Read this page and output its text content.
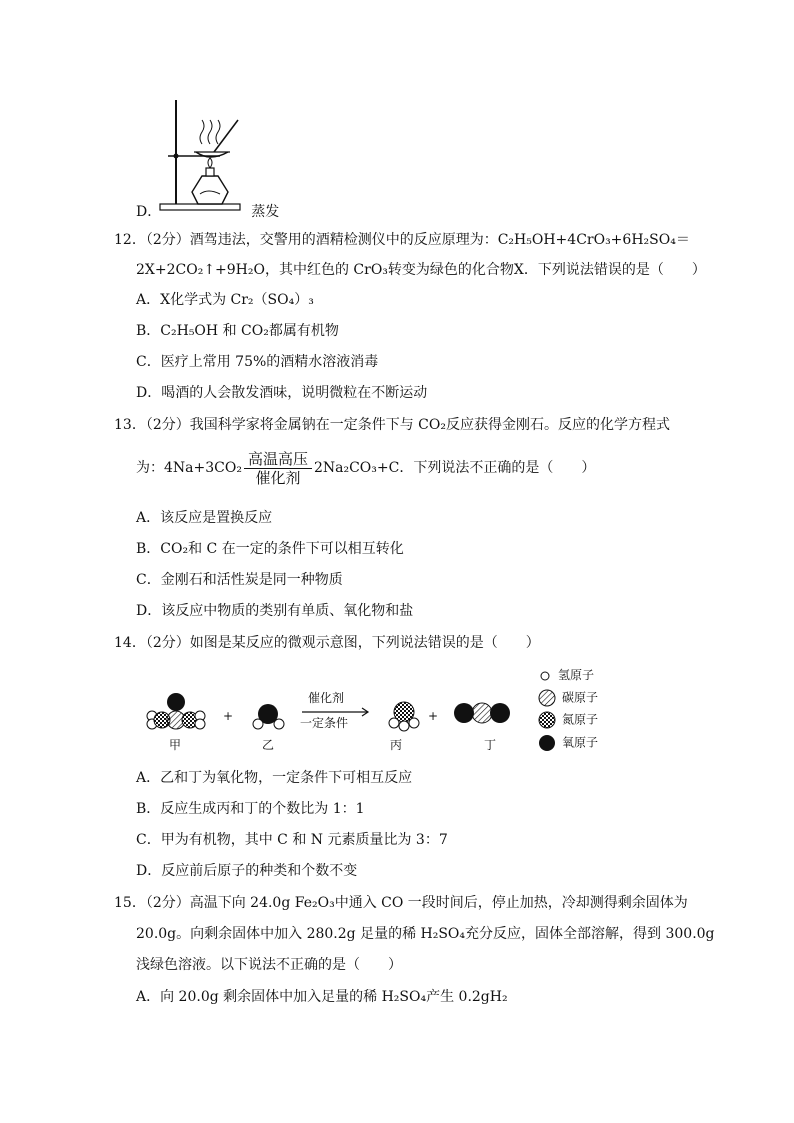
D．	蒸发
12．（2分）酒驾违法，交警用的酒精检测仪中的反应原理为：C₂H₅OH+4CrO₃+6H₂SO₄＝
2X+2CO₂↑+9H₂O，其中红色的 CrO₃转变为绿色的化合物X．下列说法错误的是（　　）
A．X化学式为 Cr₂（SO₄）₃
B．C₂H₅OH 和 CO₂都属有机物
C．医疗上常用 75%的酒精水溶液消毒
D．喝酒的人会散发酒味，说明微粒在不断运动
13．（2分）我国科学家将金属钠在一定条件下与 CO₂反应获得金刚石。反应的化学方程式
为：4Na+3CO₂
高温高压
催化剂
2Na₂CO₃+C．下列说法不正确的是（　　）
A．该反应是置换反应
B．CO₂和 C 在一定的条件下可以相互转化
C．金刚石和活性炭是同一种物质
D．该反应中物质的类别有单质、氧化物和盐
14．（2分）如图是某反应的微观示意图，下列说法错误的是（　　）
+	+
催化剂
一定条件
甲	乙	丙	丁
氢原子
碳原子
氮原子
氧原子
A．乙和丁为氧化物，一定条件下可相互反应
B．反应生成丙和丁的个数比为 1：1
C．甲为有机物，其中 C 和 N 元素质量比为 3：7
D．反应前后原子的种类和个数不变
15．（2分）高温下向 24.0g Fe₂O₃中通入 CO 一段时间后，停止加热，冷却测得剩余固体为
20.0g。向剩余固体中加入 280.2g 足量的稀 H₂SO₄充分反应，固体全部溶解，得到 300.0g
浅绿色溶液。以下说法不正确的是（　　）
A．向 20.0g 剩余固体中加入足量的稀 H₂SO₄产生 0.2gH₂
